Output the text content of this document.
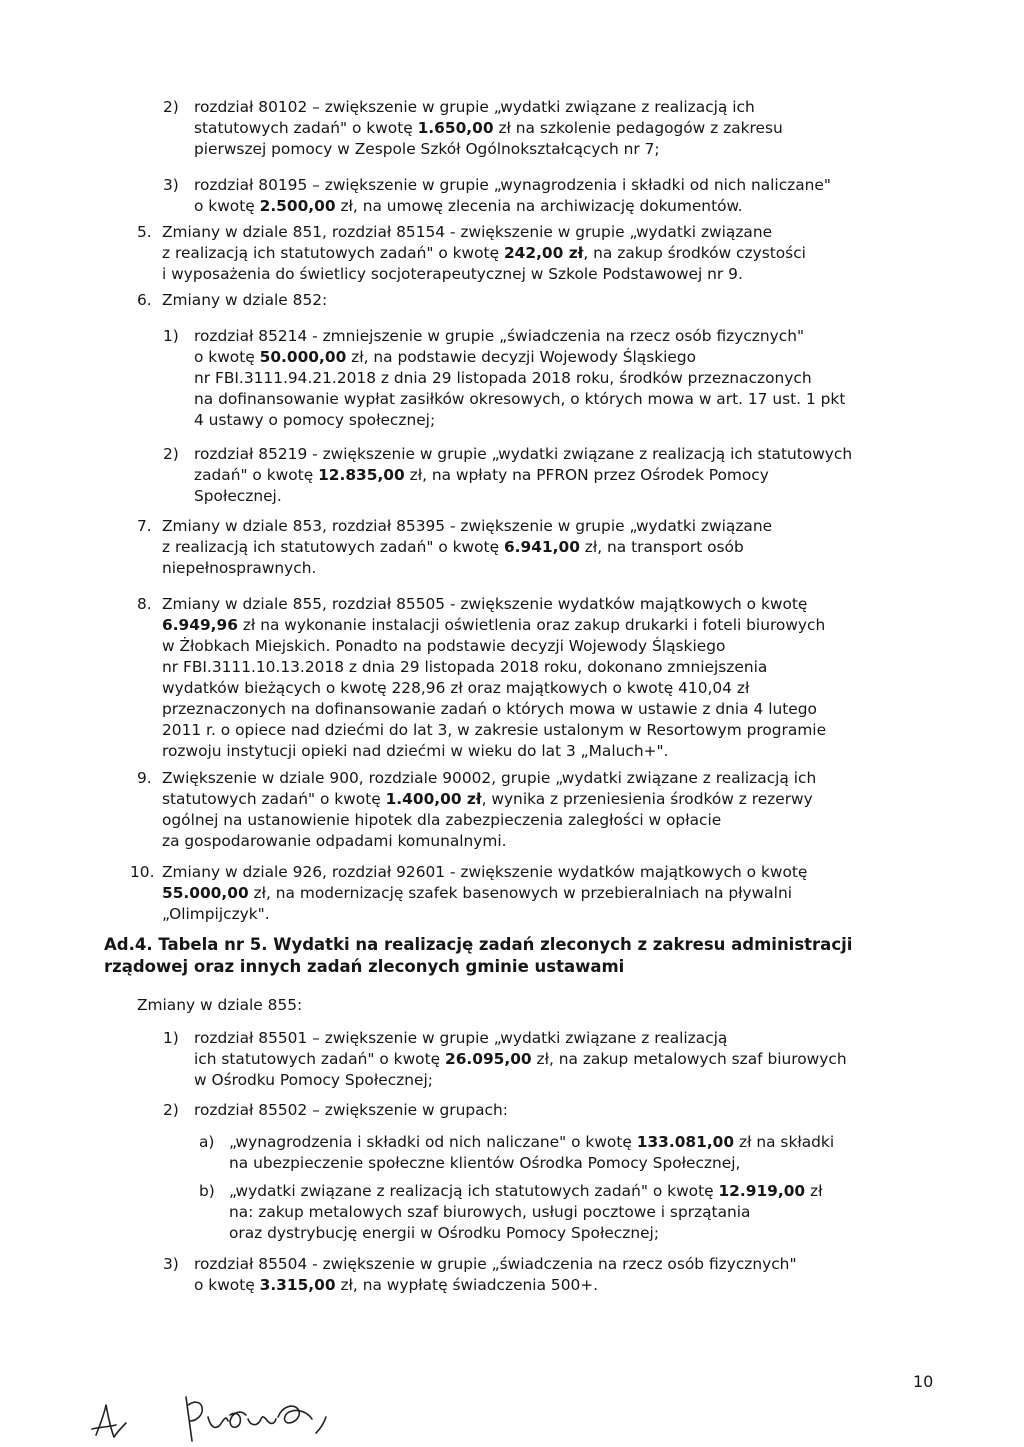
2) rozdział 80102 – zwiększenie w grupie „wydatki związane z realizacją ich
statutowych zadań" o kwotę 1.650,00 zł na szkolenie pedagogów z zakresu
pierwszej pomocy w Zespole Szkół Ogólnokształcących nr 7;
3) rozdział 80195 – zwiększenie w grupie „wynagrodzenia i składki od nich naliczane"
o kwotę 2.500,00 zł, na umowę zlecenia na archiwizację dokumentów.
5. Zmiany w dziale 851, rozdział 85154 - zwiększenie w grupie „wydatki związane
z realizacją ich statutowych zadań" o kwotę 242,00 zł, na zakup środków czystości
i wyposażenia do świetlicy socjoterapeutycznej w Szkole Podstawowej nr 9.
6. Zmiany w dziale 852:
1) rozdział 85214 - zmniejszenie w grupie „świadczenia na rzecz osób fizycznych"
o kwotę 50.000,00 zł, na podstawie decyzji Wojewody Śląskiego
nr FBI.3111.94.21.2018 z dnia 29 listopada 2018 roku, środków przeznaczonych
na dofinansowanie wypłat zasiłków okresowych, o których mowa w art. 17 ust. 1 pkt
4 ustawy o pomocy społecznej;
2) rozdział 85219 - zwiększenie w grupie „wydatki związane z realizacją ich statutowych
zadań" o kwotę 12.835,00 zł, na wpłaty na PFRON przez Ośrodek Pomocy
Społecznej.
7. Zmiany w dziale 853, rozdział 85395 - zwiększenie w grupie „wydatki związane
z realizacją ich statutowych zadań" o kwotę 6.941,00 zł, na transport osób
niepełnosprawnych.
8. Zmiany w dziale 855, rozdział 85505 - zwiększenie wydatków majątkowych o kwotę
6.949,96 zł na wykonanie instalacji oświetlenia oraz zakup drukarki i foteli biurowych
w Żłobkach Miejskich. Ponadto na podstawie decyzji Wojewody Śląskiego
nr FBI.3111.10.13.2018 z dnia 29 listopada 2018 roku, dokonano zmniejszenia
wydatków bieżących o kwotę 228,96 zł oraz majątkowych o kwotę 410,04 zł
przeznaczonych na dofinansowanie zadań o których mowa w ustawie z dnia 4 lutego
2011 r. o opiece nad dziećmi do lat 3, w zakresie ustalonym w Resortowym programie
rozwoju instytucji opieki nad dziećmi w wieku do lat 3 „Maluch+".
9. Zwiększenie w dziale 900, rozdziale 90002, grupie „wydatki związane z realizacją ich
statutowych zadań" o kwotę 1.400,00 zł, wynika z przeniesienia środków z rezerwy
ogólnej na ustanowienie hipotek dla zabezpieczenia zaległości w opłacie
za gospodarowanie odpadami komunalnymi.
10. Zmiany w dziale 926, rozdział 92601 - zwiększenie wydatków majątkowych o kwotę
55.000,00 zł, na modernizację szafek basenowych w przebieralniach na pływalni
„Olimpijczyk".
Ad.4. Tabela nr 5. Wydatki na realizację zadań zleconych z zakresu administracji
rządowej oraz innych zadań zleconych gminie ustawami
Zmiany w dziale 855:
1) rozdział 85501 – zwiększenie w grupie „wydatki związane z realizacją
ich statutowych zadań" o kwotę 26.095,00 zł, na zakup metalowych szaf biurowych
w Ośrodku Pomocy Społecznej;
2) rozdział 85502 – zwiększenie w grupach:
a) „wynagrodzenia i składki od nich naliczane" o kwotę 133.081,00 zł na składki
na ubezpieczenie społeczne klientów Ośrodka Pomocy Społecznej,
b) „wydatki związane z realizacją ich statutowych zadań" o kwotę 12.919,00 zł
na: zakup metalowych szaf biurowych, usługi pocztowe i sprzątania
oraz dystrybucję energii w Ośrodku Pomocy Społecznej;
3) rozdział 85504 - zwiększenie w grupie „świadczenia na rzecz osób fizycznych"
o kwotę 3.315,00 zł, na wypłatę świadczenia 500+.
10
